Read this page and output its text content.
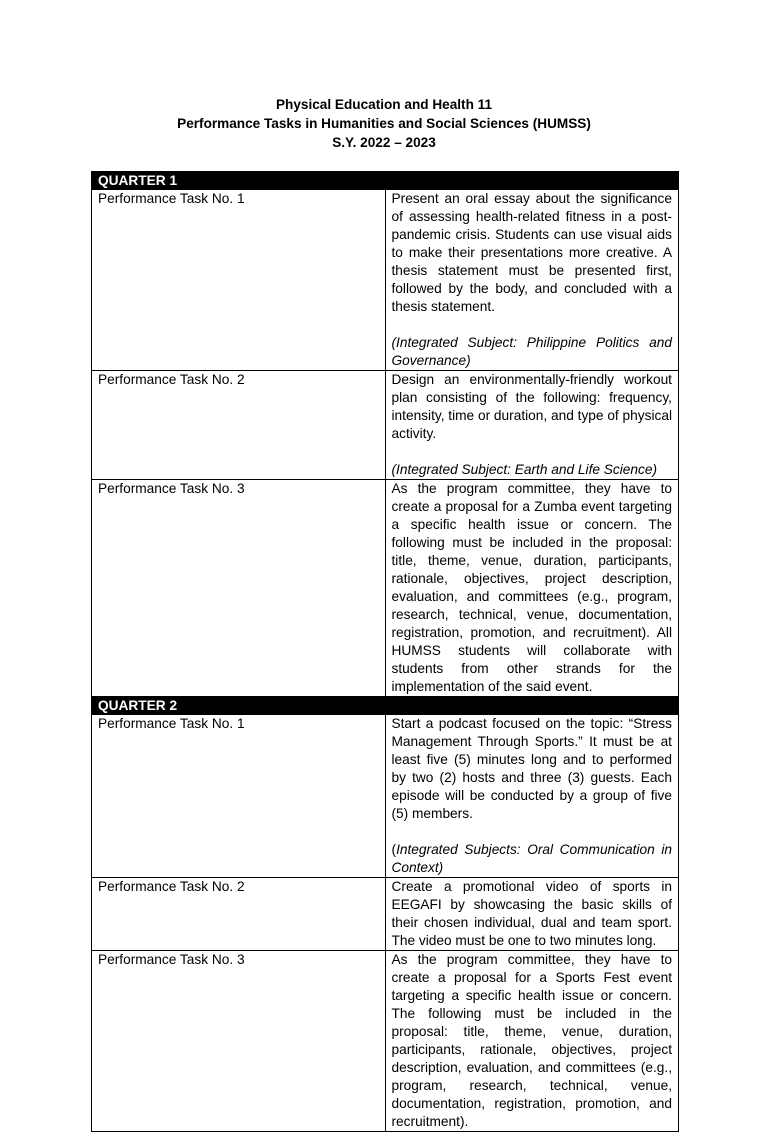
Physical Education and Health 11
Performance Tasks in Humanities and Social Sciences (HUMSS)
S.Y. 2022 – 2023
QUARTER 1	
Performance Task No. 1	Present an oral essay about the significance of assessing health-related fitness in a post-pandemic crisis. Students can use visual aids to make their presentations more creative. A thesis statement must be presented first, followed by the body, and concluded with a thesis statement.
(Integrated Subject: Philippine Politics and Governance)

Performance Task No. 2	Design an environmentally-friendly workout plan consisting of the following: frequency, intensity, time or duration, and type of physical activity.
(Integrated Subject: Earth and Life Science)

Performance Task No. 3	As the program committee, they have to create a proposal for a Zumba event targeting a specific health issue or concern. The following must be included in the proposal: title, theme, venue, duration, participants, rationale, objectives, project description, evaluation, and committees (e.g., program, research, technical, venue, documentation, registration, promotion, and recruitment). All HUMSS students will collaborate with students from other strands for the implementation of the said event.
QUARTER 2	
Performance Task No. 1	Start a podcast focused on the topic: “Stress Management Through Sports.” It must be at least five (5) minutes long and to performed by two (2) hosts and three (3) guests. Each episode will be conducted by a group of five (5) members.
(Integrated Subjects: Oral Communication in Context)

Performance Task No. 2	Create a promotional video of sports in EEGAFI by showcasing the basic skills of their chosen individual, dual and team sport. The video must be one to two minutes long.
Performance Task No. 3	As the program committee, they have to create a proposal for a Sports Fest event targeting a specific health issue or concern. The following must be included in the proposal: title, theme, venue, duration, participants, rationale, objectives, project description, evaluation, and committees (e.g., program, research, technical, venue, documentation, registration, promotion, and recruitment).
